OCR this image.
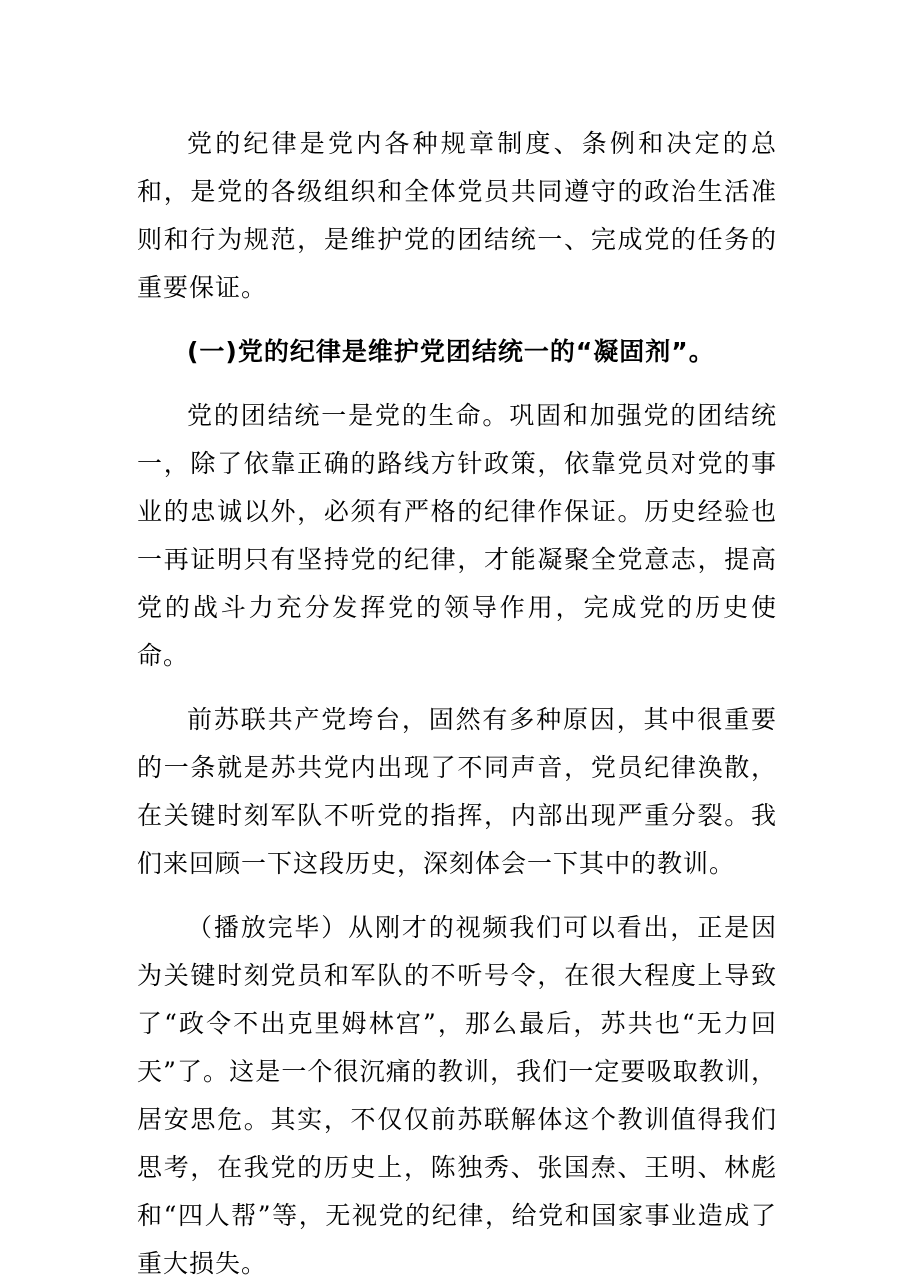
党的纪律是党内各种规章制度、条例和决定的总和，是党的各级组织和全体党员共同遵守的政治生活准则和行为规范，是维护党的团结统一、完成党的任务的重要保证。

(一)党的纪律是维护党团结统一的“凝固剂”。

党的团结统一是党的生命。巩固和加强党的团结统一，除了依靠正确的路线方针政策，依靠党员对党的事业的忠诚以外，必须有严格的纪律作保证。历史经验也一再证明只有坚持党的纪律，才能凝聚全党意志，提高党的战斗力充分发挥党的领导作用，完成党的历史使命。

前苏联共产党垮台，固然有多种原因，其中很重要的一条就是苏共党内出现了不同声音，党员纪律涣散，在关键时刻军队不听党的指挥，内部出现严重分裂。我们来回顾一下这段历史，深刻体会一下其中的教训。

（播放完毕）从刚才的视频我们可以看出，正是因为关键时刻党员和军队的不听号令，在很大程度上导致了“政令不出克里姆林宫”，那么最后，苏共也“无力回天”了。这是一个很沉痛的教训，我们一定要吸取教训，居安思危。其实，不仅仅前苏联解体这个教训值得我们思考，在我党的历史上，陈独秀、张国焘、王明、林彪和“四人帮”等，无视党的纪律，给党和国家事业造成了重大损失。
